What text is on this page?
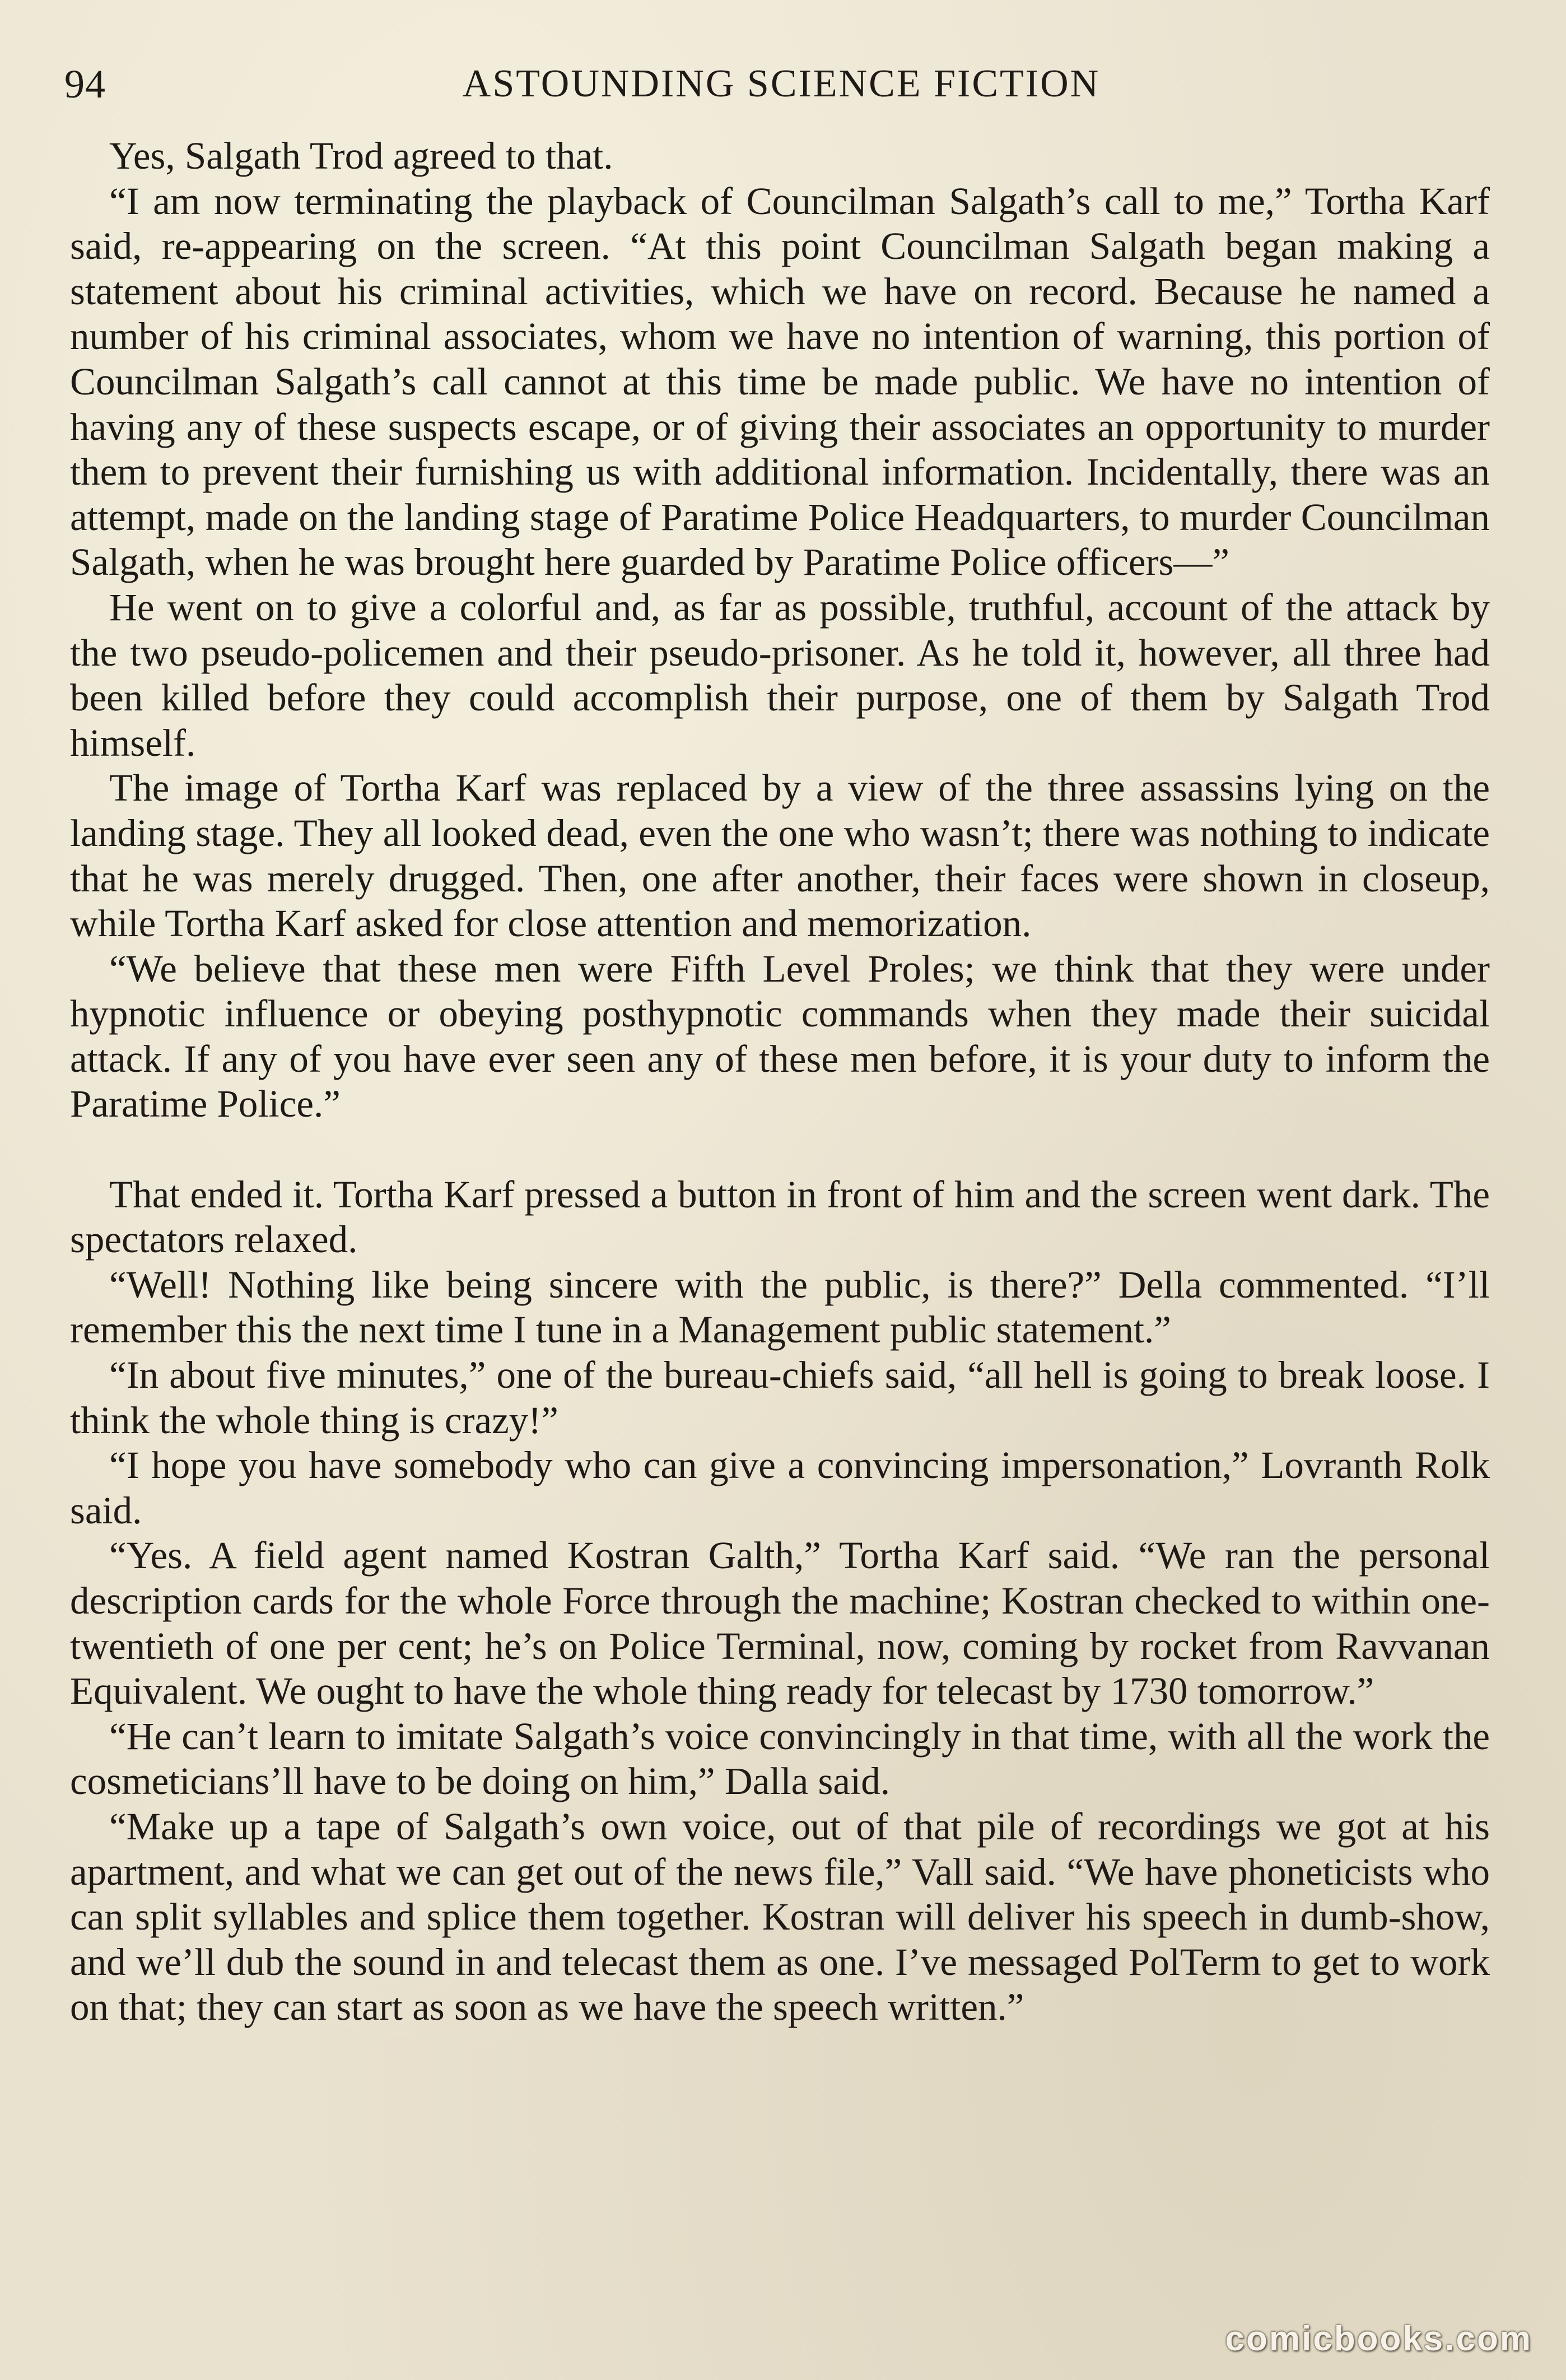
94	ASTOUNDING SCIENCE FICTION

Yes, Salgath Trod agreed to that.

“I am now terminating the playback of Councilman Salgath’s call to me,” Tortha Karf said, re-appearing on the screen. “At this point Councilman Salgath began making a statement about his criminal activities, which we have on record. Because he named a number of his criminal associates, whom we have no intention of warning, this portion of Councilman Salgath’s call cannot at this time be made public. We have no intention of having any of these suspects escape, or of giving their associates an opportunity to murder them to prevent their furnishing us with additional information. Incidentally, there was an attempt, made on the landing stage of Paratime Police Headquarters, to murder Councilman Salgath, when he was brought here guarded by Paratime Police officers—”

He went on to give a colorful and, as far as possible, truthful, account of the attack by the two pseudo-policemen and their pseudo-prisoner. As he told it, however, all three had been killed before they could accomplish their purpose, one of them by Salgath Trod himself.

The image of Tortha Karf was replaced by a view of the three assassins lying on the landing stage. They all looked dead, even the one who wasn’t; there was nothing to indicate that he was merely drugged. Then, one after another, their faces were shown in closeup, while Tortha Karf asked for close attention and memorization.

“We believe that these men were Fifth Level Proles; we think that they were under hypnotic influence or obeying posthypnotic commands when they made their suicidal attack. If any of you have ever seen any of these men before, it is your duty to inform the Paratime Police.”

That ended it. Tortha Karf pressed a button in front of him and the screen went dark. The spectators relaxed.

“Well! Nothing like being sincere with the public, is there?” Della commented. “I’ll remember this the next time I tune in a Management public statement.”

“In about five minutes,” one of the bureau-chiefs said, “all hell is going to break loose. I think the whole thing is crazy!”

“I hope you have somebody who can give a convincing impersonation,” Lovranth Rolk said.

“Yes. A field agent named Kostran Galth,” Tortha Karf said. “We ran the personal description cards for the whole Force through the machine; Kostran checked to within one-twentieth of one per cent; he’s on Police Terminal, now, coming by rocket from Ravvanan Equivalent. We ought to have the whole thing ready for telecast by 1730 tomorrow.”

“He can’t learn to imitate Salgath’s voice convincingly in that time, with all the work the cosmeticians’ll have to be doing on him,” Dalla said.

“Make up a tape of Salgath’s own voice, out of that pile of recordings we got at his apartment, and what we can get out of the news file,” Vall said. “We have phoneticists who can split syllables and splice them together. Kostran will deliver his speech in dumb-show, and we’ll dub the sound in and telecast them as one. I’ve messaged PolTerm to get to work on that; they can start as soon as we have the speech written.”

comicbooks.com
